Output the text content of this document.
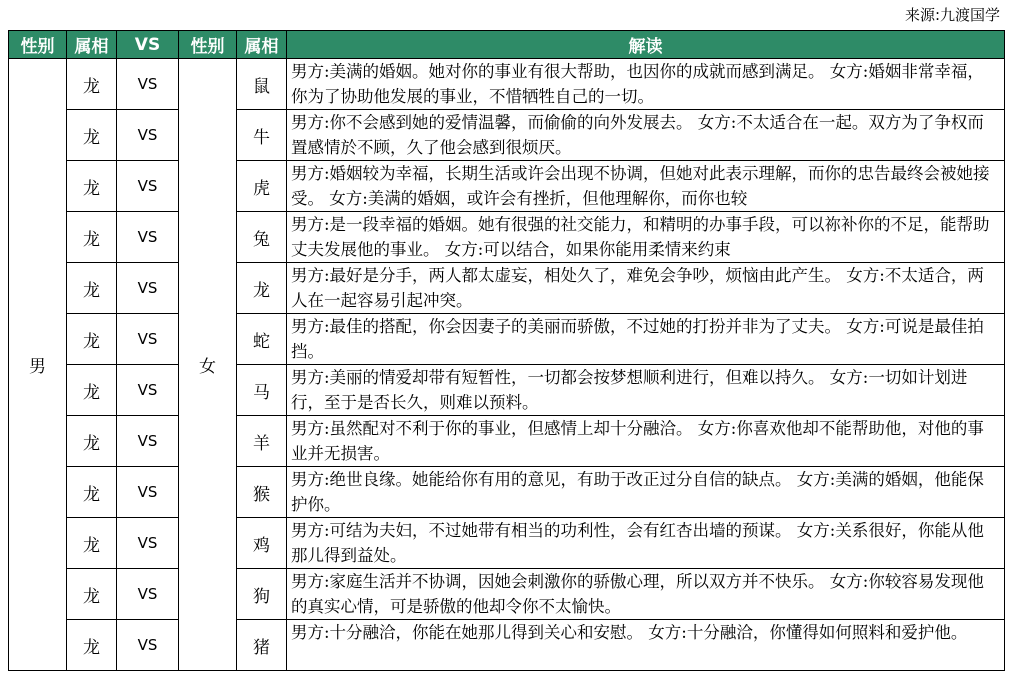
来源:九渡国学
性别	属相	VS	性别	属相	解读
男	龙	VS	女	鼠	男方:美满的婚姻。她对你的事业有很大帮助，也因你的成就而感到满足。 女方:婚姻非常幸福，你为了协助他发展的事业，不惜牺牲自己的一切。

	龙	VS		牛	男方:你不会感到她的爱情温馨，而偷偷的向外发展去。 女方:不太适合在一起。双方为了争权而置感情於不顾，久了他会感到很烦厌。

	龙	VS		虎	男方:婚姻较为幸福，长期生活或许会出现不协调，但她对此表示理解，而你的忠告最终会被她接受。 女方:美满的婚姻，或许会有挫折，但他理解你，而你也较

	龙	VS		兔	男方:是一段幸福的婚姻。她有很强的社交能力，和精明的办事手段，可以祢补你的不足，能帮助丈夫发展他的事业。 女方:可以结合，如果你能用柔情来约束

	龙	VS		龙	男方:最好是分手，两人都太虚妄，相处久了，难免会争吵，烦恼由此产生。 女方:不太适合，两人在一起容易引起冲突。

	龙	VS		蛇	男方:最佳的搭配，你会因妻子的美丽而骄傲，不过她的打扮并非为了丈夫。 女方:可说是最佳拍挡。

	龙	VS		马	男方:美丽的情爱却带有短暂性，一切都会按梦想顺利进行，但难以持久。 女方:一切如计划进行，至于是否长久，则难以预料。

	龙	VS		羊	男方:虽然配对不利于你的事业，但感情上却十分融洽。 女方:你喜欢他却不能帮助他，对他的事业并无损害。

	龙	VS		猴	男方:绝世良缘。她能给你有用的意见，有助于改正过分自信的缺点。 女方:美满的婚姻，他能保护你。

	龙	VS		鸡	男方:可结为夫妇，不过她带有相当的功利性，会有红杏出墙的预谋。 女方:关系很好，你能从他那儿得到益处。

	龙	VS		狗	男方:家庭生活并不协调，因她会刺激你的骄傲心理，所以双方并不快乐。 女方:你较容易发现他的真实心情，可是骄傲的他却令你不太愉快。

	龙	VS		猪	男方:十分融洽，你能在她那儿得到关心和安慰。 女方:十分融洽，你懂得如何照料和爱护他。
